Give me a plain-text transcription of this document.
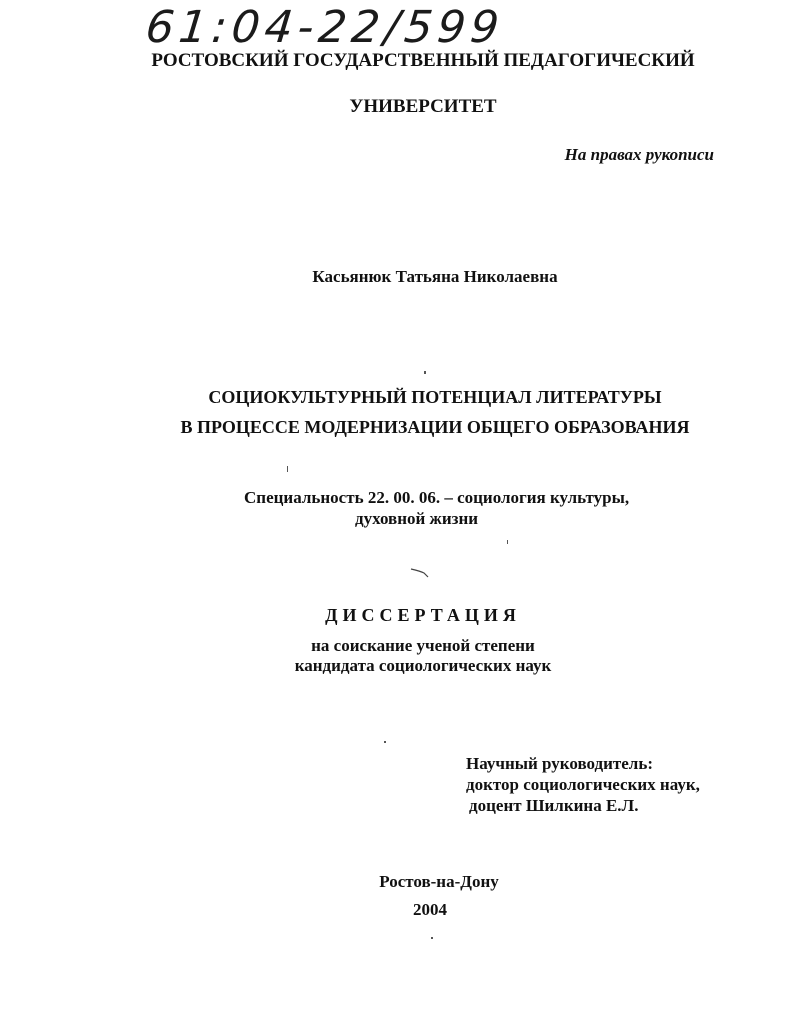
61:04-22/599
РОСТОВСКИЙ ГОСУДАРСТВЕННЫЙ ПЕДАГОГИЧЕСКИЙ
УНИВЕРСИТЕТ
На правах рукописи
Касьянюк Татьяна Николаевна
СОЦИОКУЛЬТУРНЫЙ ПОТЕНЦИАЛ ЛИТЕРАТУРЫ
В ПРОЦЕССЕ МОДЕРНИЗАЦИИ ОБЩЕГО ОБРАЗОВАНИЯ
Специальность 22. 00. 06. – социология культуры,
духовной жизни
ДИССЕРТАЦИЯ
на соискание ученой степени
кандидата социологических наук
Научный руководитель:
доктор социологических наук,
доцент Шилкина Е.Л.
Ростов-на-Дону
2004
